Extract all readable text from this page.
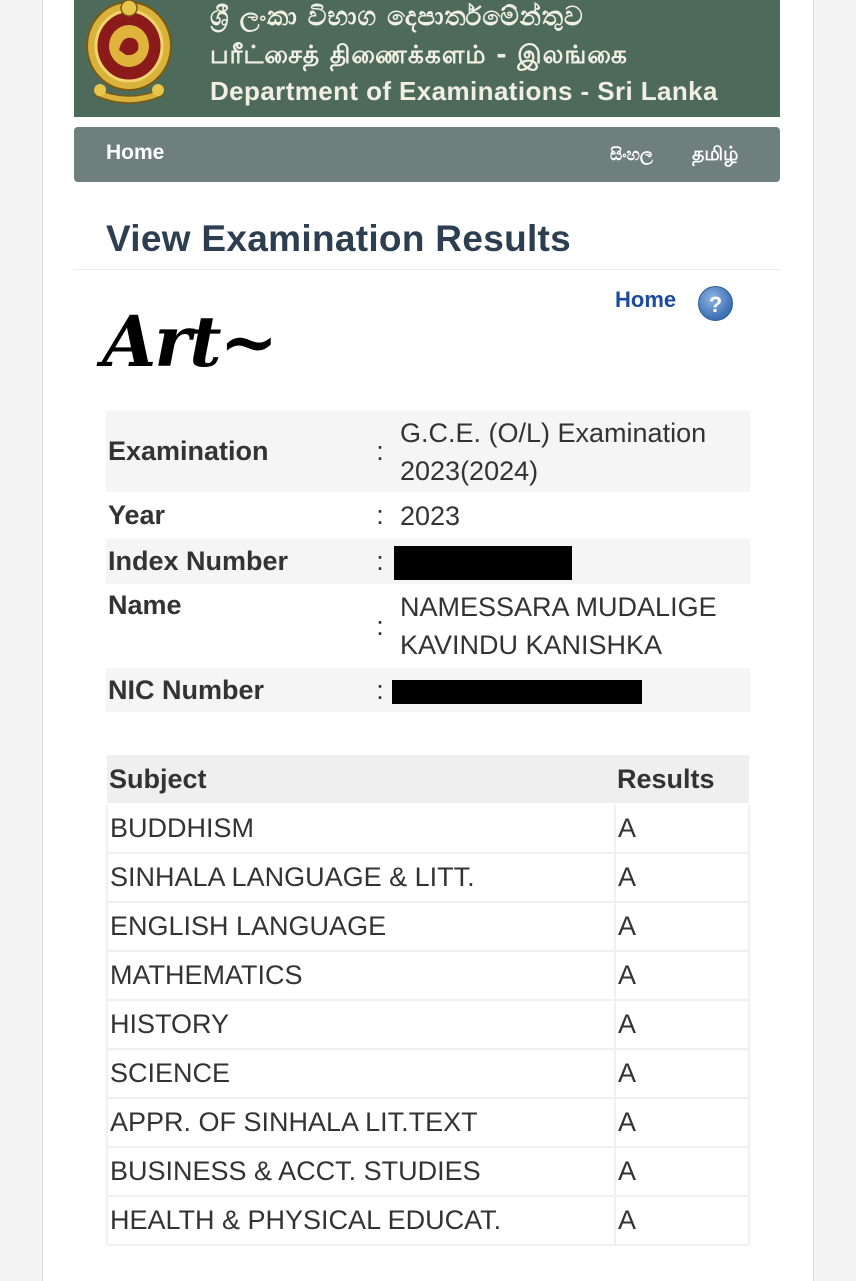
ශ්‍රී ලංකා විභාග දෙපාර්තමේන්තුව
பரீட்சைத் திணைக்களம் - இலங்கை
Department of Examinations - Sri Lanka
Home	සිංහල தமிழ்
View Examination Results
Home	?
Art~
Examination	:	G.C.E. (O/L) Examination 2023(2024)
Year	:	2023
Index Number	:	
Name	:	NAMESSARA MUDALIGE KAVINDU KANISHKA
NIC Number	:	
Subject	Results
BUDDHISM	A
SINHALA LANGUAGE & LITT.	A
ENGLISH LANGUAGE	A
MATHEMATICS	A
HISTORY	A
SCIENCE	A
APPR. OF SINHALA LIT.TEXT	A
BUSINESS & ACCT. STUDIES	A
HEALTH & PHYSICAL EDUCAT.	A
